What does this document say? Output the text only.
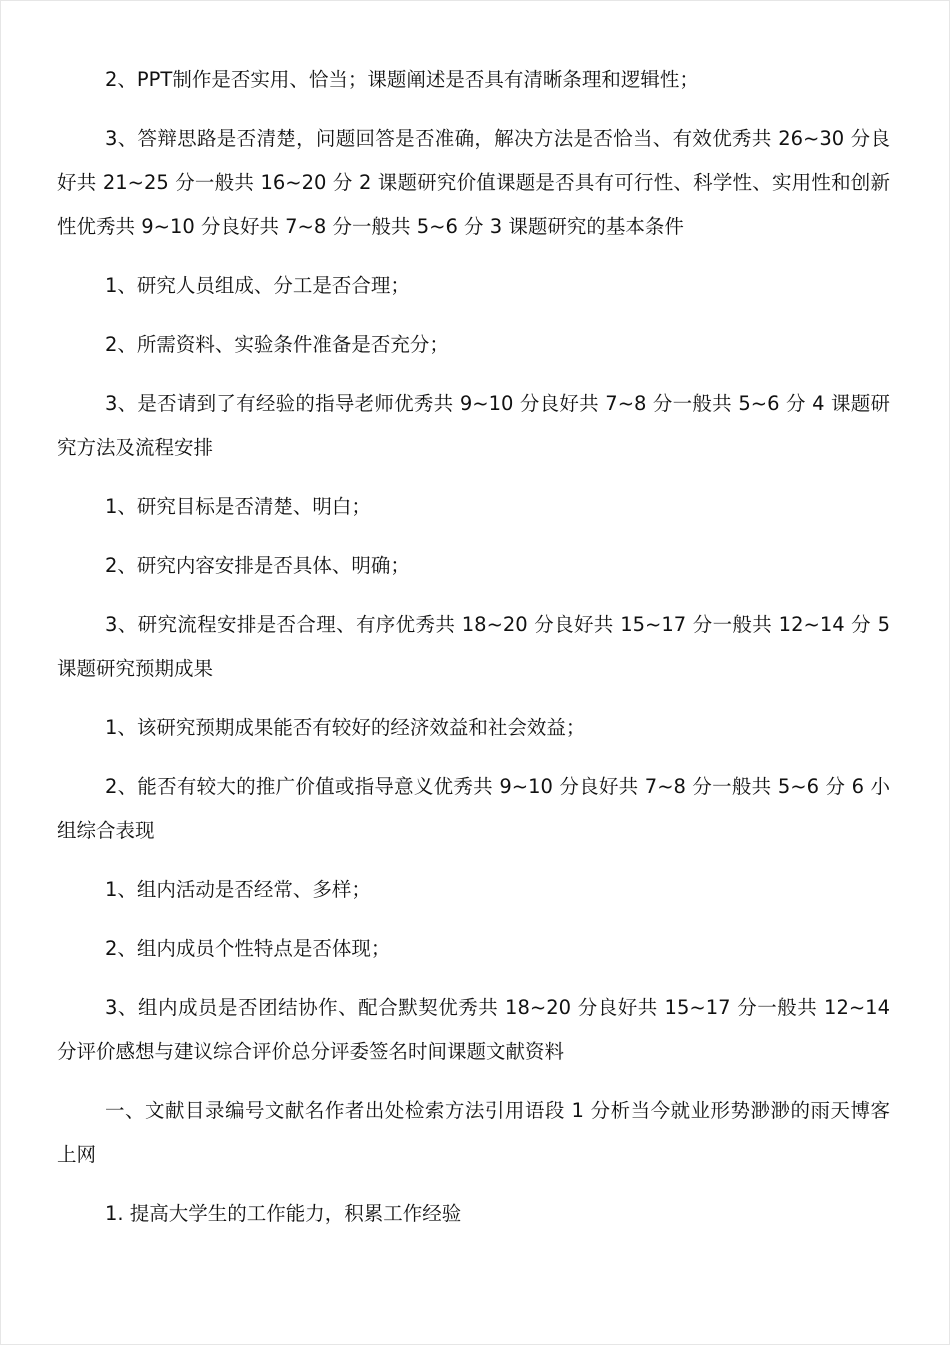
2、PPT制作是否实用、恰当；课题阐述是否具有清晰条理和逻辑性；

3、答辩思路是否清楚，问题回答是否准确，解决方法是否恰当、有效优秀共 26~30 分良好共 21~25 分一般共 16~20 分 2 课题研究价值课题是否具有可行性、科学性、实用性和创新性优秀共 9~10 分良好共 7~8 分一般共 5~6 分 3 课题研究的基本条件

1、研究人员组成、分工是否合理；

2、所需资料、实验条件准备是否充分；

3、是否请到了有经验的指导老师优秀共 9~10 分良好共 7~8 分一般共 5~6 分 4 课题研究方法及流程安排

1、研究目标是否清楚、明白；

2、研究内容安排是否具体、明确；

3、研究流程安排是否合理、有序优秀共 18~20 分良好共 15~17 分一般共 12~14 分 5 课题研究预期成果

1、该研究预期成果能否有较好的经济效益和社会效益；

2、能否有较大的推广价值或指导意义优秀共 9~10 分良好共 7~8 分一般共 5~6 分 6 小组综合表现

1、组内活动是否经常、多样；

2、组内成员个性特点是否体现；

3、组内成员是否团结协作、配合默契优秀共 18~20 分良好共 15~17 分一般共 12~14 分评价感想与建议综合评价总分评委签名时间课题文献资料

一、文献目录编号文献名作者出处检索方法引用语段 1 分析当今就业形势渺渺的雨天博客上网

1. 提高大学生的工作能力，积累工作经验
